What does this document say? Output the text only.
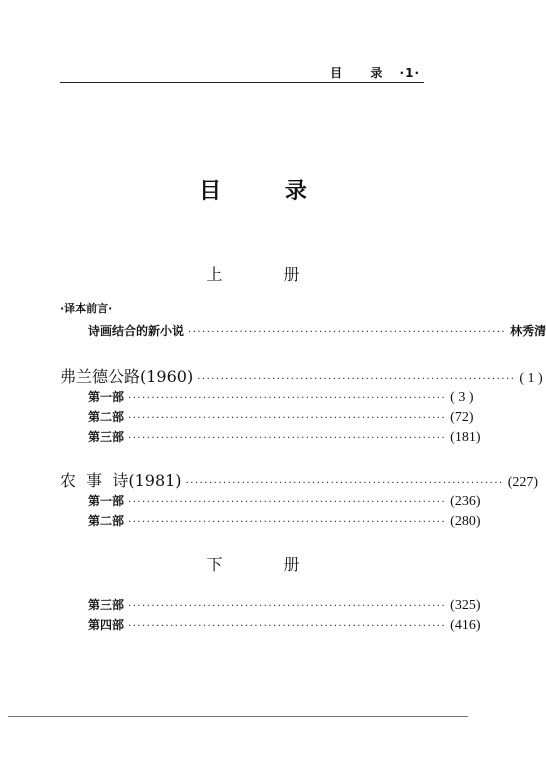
目 录 ·1·
目 录
上 册
·译本前言·
诗画结合的新小说 ···································································· 林秀清
弗兰德公路(1960) ···································································· ( 1 )
第一部 ···································································· ( 3 )
第二部 ···································································· (72)
第三部 ···································································· (181)
农  事  诗(1981) ···································································· (227)
第一部 ···································································· (236)
第二部 ···································································· (280)
下 册
第三部 ···································································· (325)
第四部 ···································································· (416)
